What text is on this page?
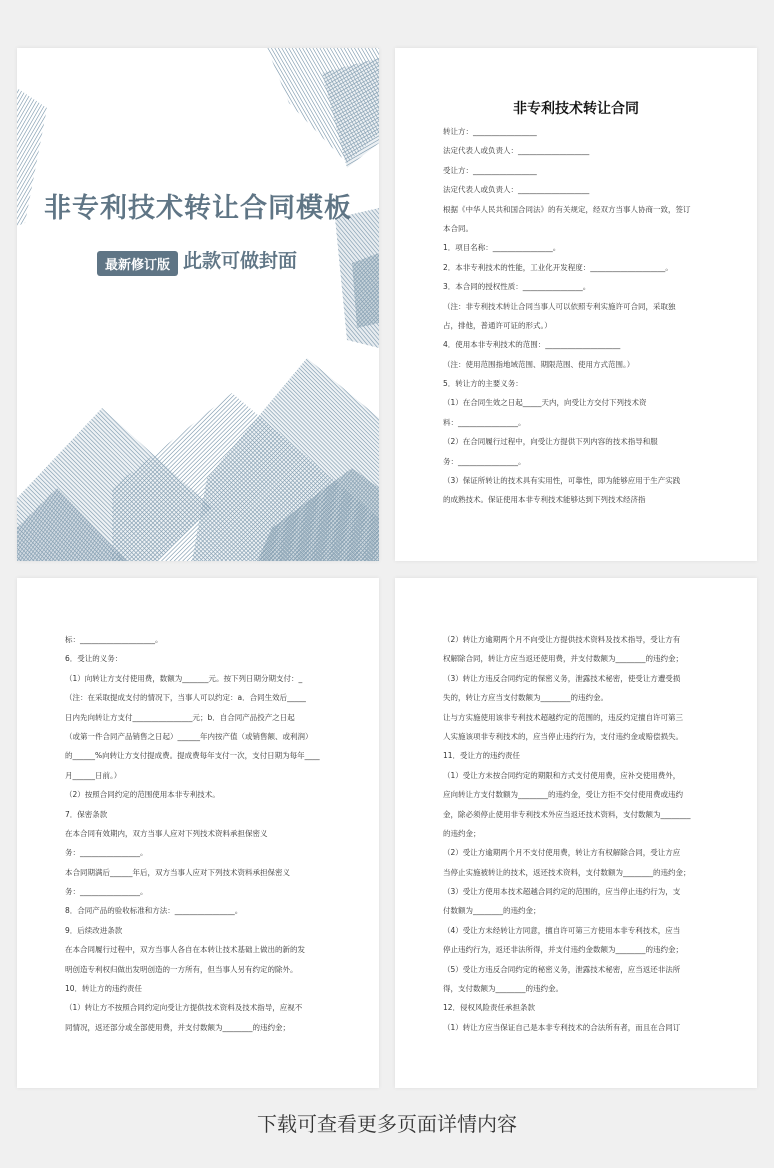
非专利技术转让合同模板
最新修订版 此款可做封面
非专利技术转让合同
转让方：_________________
法定代表人或负责人：___________________
受让方：_________________
法定代表人或负责人：___________________
根据《中华人民共和国合同法》的有关规定，经双方当事人协商一致，签订
本合同。
1．项目名称：________________。
2．本非专利技术的性能，工业化开发程度：____________________。
3．本合同的授权性质：________________。
（注：非专利技术转让合同当事人可以依照专利实施许可合同，采取独
占，排他，普通许可证的形式。）
4．使用本非专利技术的范围：____________________
（注：使用范围指地域范围、期限范围、使用方式范围。）
5．转让方的主要义务：
（1）在合同生效之日起_____天内，向受让方交付下列技术资
料：________________。
（2）在合同履行过程中，向受让方提供下列内容的技术指导和服
务：________________。
（3）保证所转让的技术具有实用性，可靠性，即为能够应用于生产实践
的成熟技术。保证使用本非专利技术能够达到下列技术经济指
标：____________________。
6．受让的义务：
（1）向转让方支付使用费，数额为_______元。按下列日期分期支付：_
（注：在采取提成支付的情况下，当事人可以约定：a．合同生效后_____
日内先向转让方支付________________元；b．自合同产品投产之日起
（或第一件合同产品销售之日起）______年内按产值（或销售额、或利润）
的______%向转让方支付提成费。提成费每年支付一次，支付日期为每年____
月______日前。）
（2）按照合同约定的范围使用本非专利技术。
7．保密条款
在本合同有效期内，双方当事人应对下列技术资料承担保密义
务：________________。
本合同期满后______年后，双方当事人应对下列技术资料承担保密义
务：________________。
8．合同产品的验收标准和方法：________________。
9．后续改进条款
在本合同履行过程中，双方当事人各自在本转让技术基础上做出的新的发
明创造专利权归做出发明创造的一方所有，但当事人另有约定的除外。
10．转让方的违约责任
（1）转让方不按照合同约定向受让方提供技术资料及技术指导，应视不
同情况，返还部分或全部使用费，并支付数额为________的违约金；
（2）转让方逾期两个月不向受让方提供技术资料及技术指导，受让方有
权解除合同，转让方应当返还使用费，并支付数额为________的违约金；
（3）转让方违反合同约定的保密义务，泄露技术秘密，使受让方遭受损
失的，转让方应当支付数额为________的违约金。
让与方实施使用该非专利技术超越约定的范围的，违反约定擅自许可第三
人实施该项非专利技术的，应当停止违约行为，支付违约金或赔偿损失。
11．受让方的违约责任
（1）受让方未按合同约定的期限和方式支付使用费，应补交使用费外，
应向转让方支付数额为________的违约金，受让方拒不交付使用费或违约
金，除必须停止使用非专利技术外应当返还技术资料，支付数额为________
的违约金；
（2）受让方逾期两个月不支付使用费，转让方有权解除合同，受让方应
当停止实施被转让的技术，返还技术资料，支付数额为________的违约金；
（3）受让方使用本技术超越合同约定的范围的，应当停止违约行为，支
付数额为________的违约金；
（4）受让方未经转让方同意，擅自许可第三方使用本非专利技术，应当
停止违约行为，返还非法所得，并支付违约金数额为________的违约金；
（5）受让方违反合同约定的秘密义务，泄露技术秘密，应当返还非法所
得，支付数额为________的违约金。
12．侵权风险责任承担条款
（1）转让方应当保证自己是本非专利技术的合法所有者，而且在合同订
下载可查看更多页面详情内容
